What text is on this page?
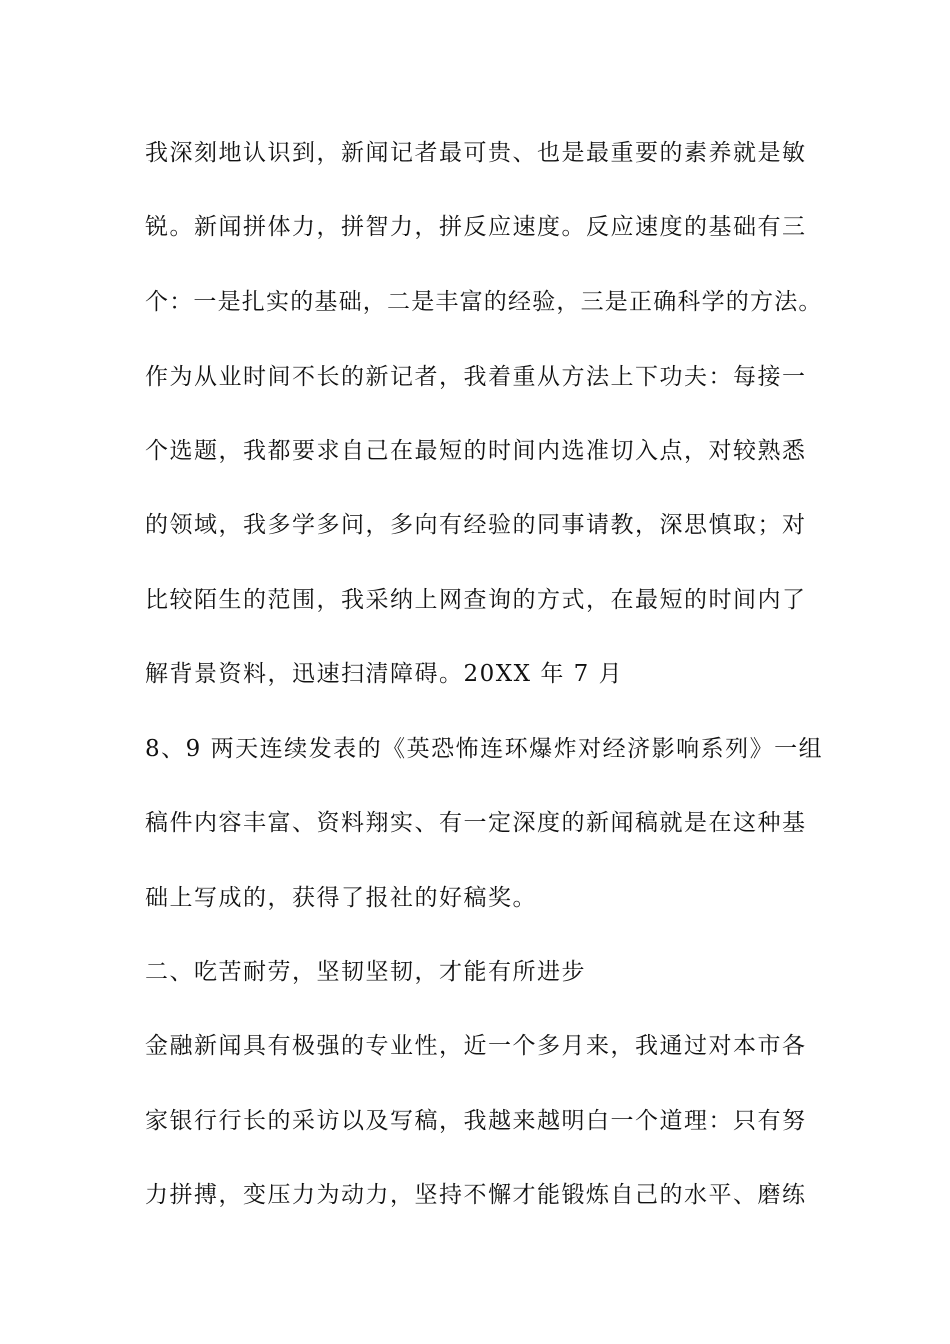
我深刻地认识到，新闻记者最可贵、也是最重要的素养就是敏

锐。新闻拼体力，拼智力，拼反应速度。反应速度的基础有三

个：一是扎实的基础，二是丰富的经验，三是正确科学的方法。

作为从业时间不长的新记者，我着重从方法上下功夫：每接一

个选题，我都要求自己在最短的时间内选准切入点，对较熟悉

的领域，我多学多问，多向有经验的同事请教，深思慎取；对

比较陌生的范围，我采纳上网查询的方式，在最短的时间内了

解背景资料，迅速扫清障碍。20XX 年 7 月

8、9 两天连续发表的《英恐怖连环爆炸对经济影响系列》一组

稿件内容丰富、资料翔实、有一定深度的新闻稿就是在这种基

础上写成的，获得了报社的好稿奖。

二、吃苦耐劳，坚韧坚韧，才能有所进步

金融新闻具有极强的专业性，近一个多月来，我通过对本市各

家银行行长的采访以及写稿，我越来越明白一个道理：只有努

力拼搏，变压力为动力，坚持不懈才能锻炼自己的水平、磨练
